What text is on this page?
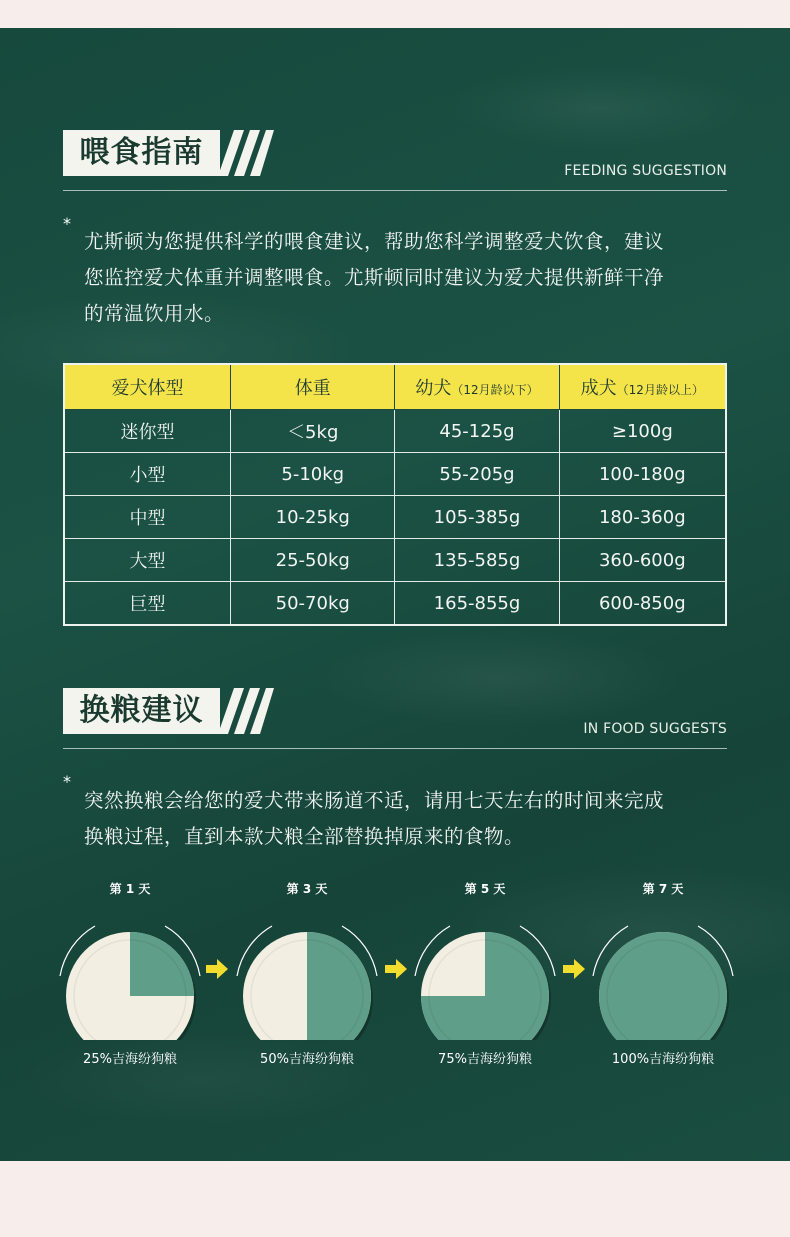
喂食指南
FEEDING SUGGESTION
*
尤斯顿为您提供科学的喂食建议，帮助您科学调整爱犬饮食，建议
您监控爱犬体重并调整喂食。尤斯顿同时建议为爱犬提供新鲜干净
的常温饮用水。
爱犬体型	体重	幼犬（12月龄以下）	成犬（12月龄以上）
迷你型	＜5kg	45-125g	≥100g
小型	5-10kg	55-205g	100-180g
中型	10-25kg	105-385g	180-360g
大型	25-50kg	135-585g	360-600g
巨型	50-70kg	165-855g	600-850g
换粮建议
IN FOOD SUGGESTS
*
突然换粮会给您的爱犬带来肠道不适，请用七天左右的时间来完成
换粮过程，直到本款犬粮全部替换掉原来的食物。
第 1 天
25%吉海纷狗粮
第 3 天
50%吉海纷狗粮
第 5 天
75%吉海纷狗粮
第 7 天
100%吉海纷狗粮
